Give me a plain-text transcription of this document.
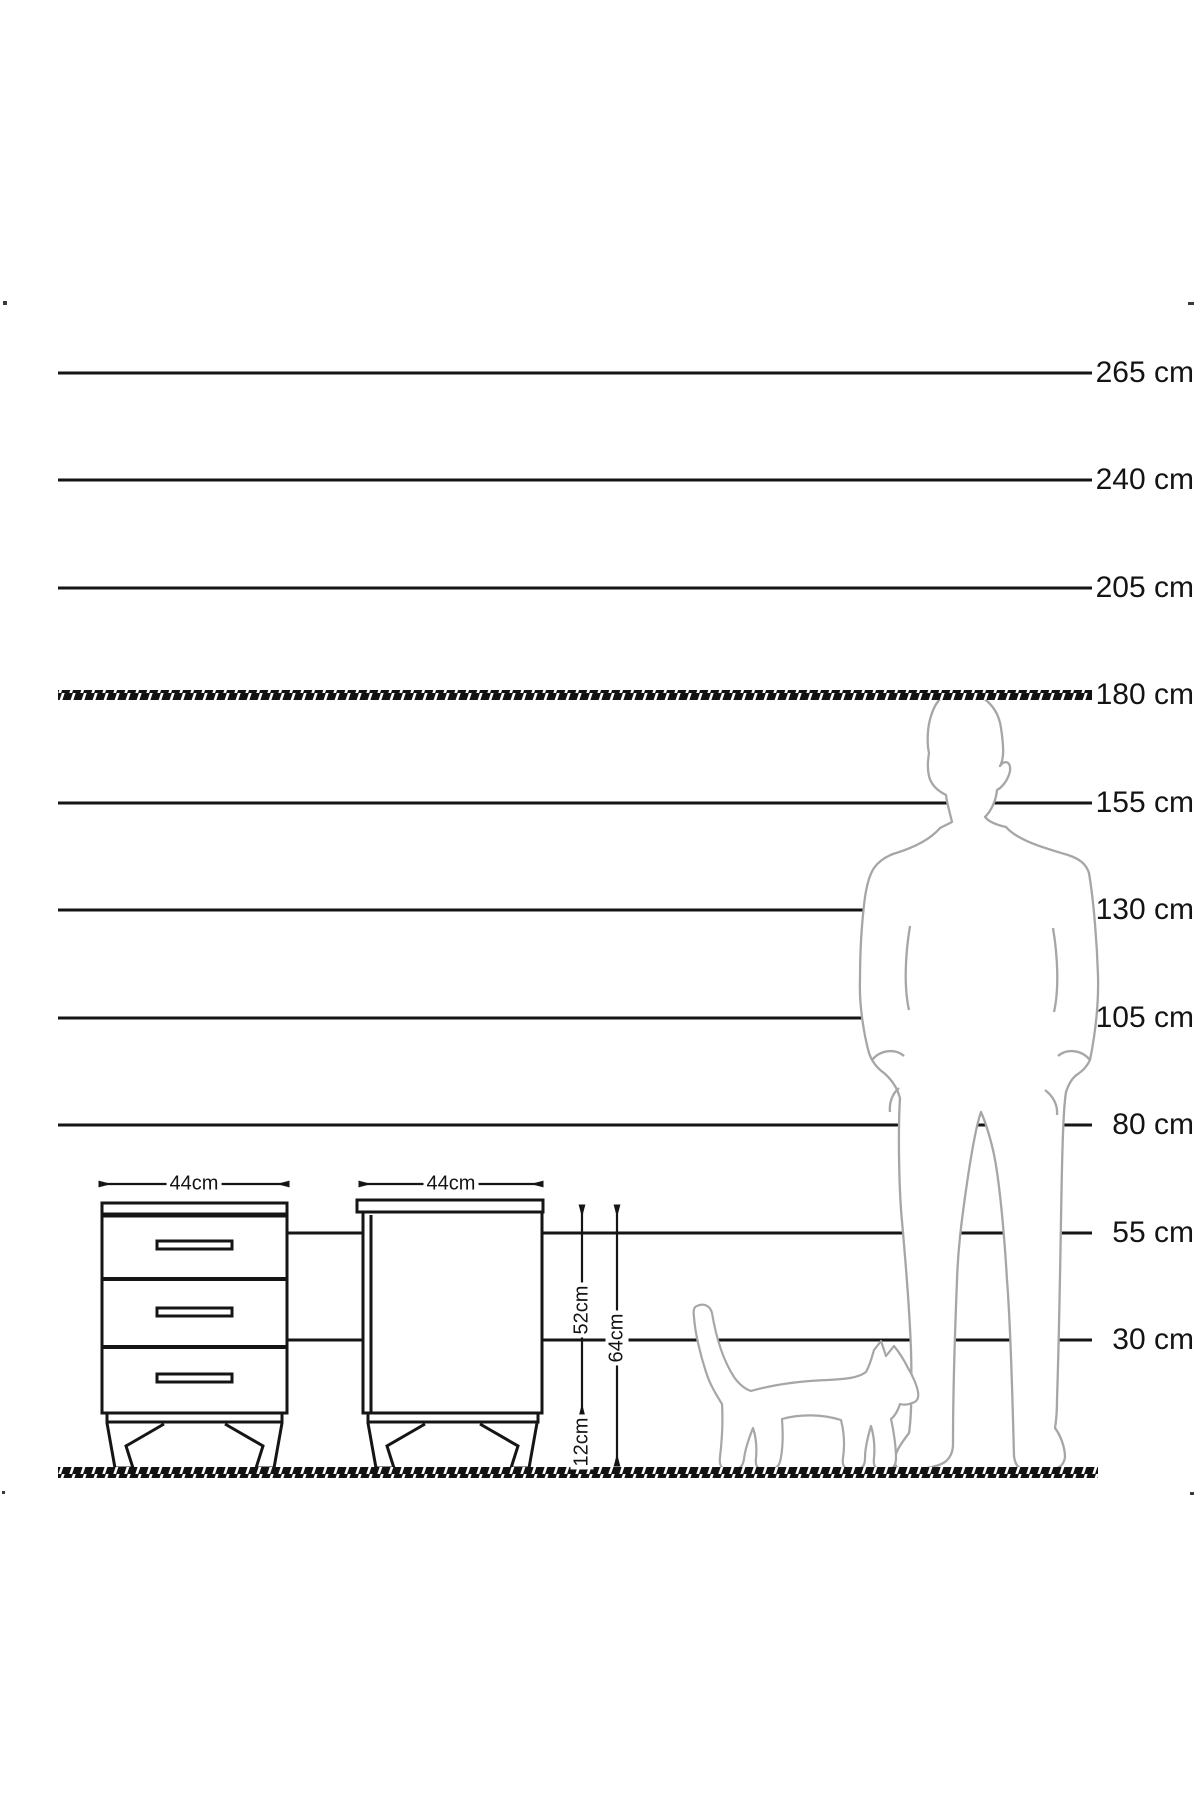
265 cm
240 cm
205 cm
180 cm
155 cm
130 cm
105 cm
80 cm
55 cm
30 cm
44cm	44cm
52cm
64cm
12cm
